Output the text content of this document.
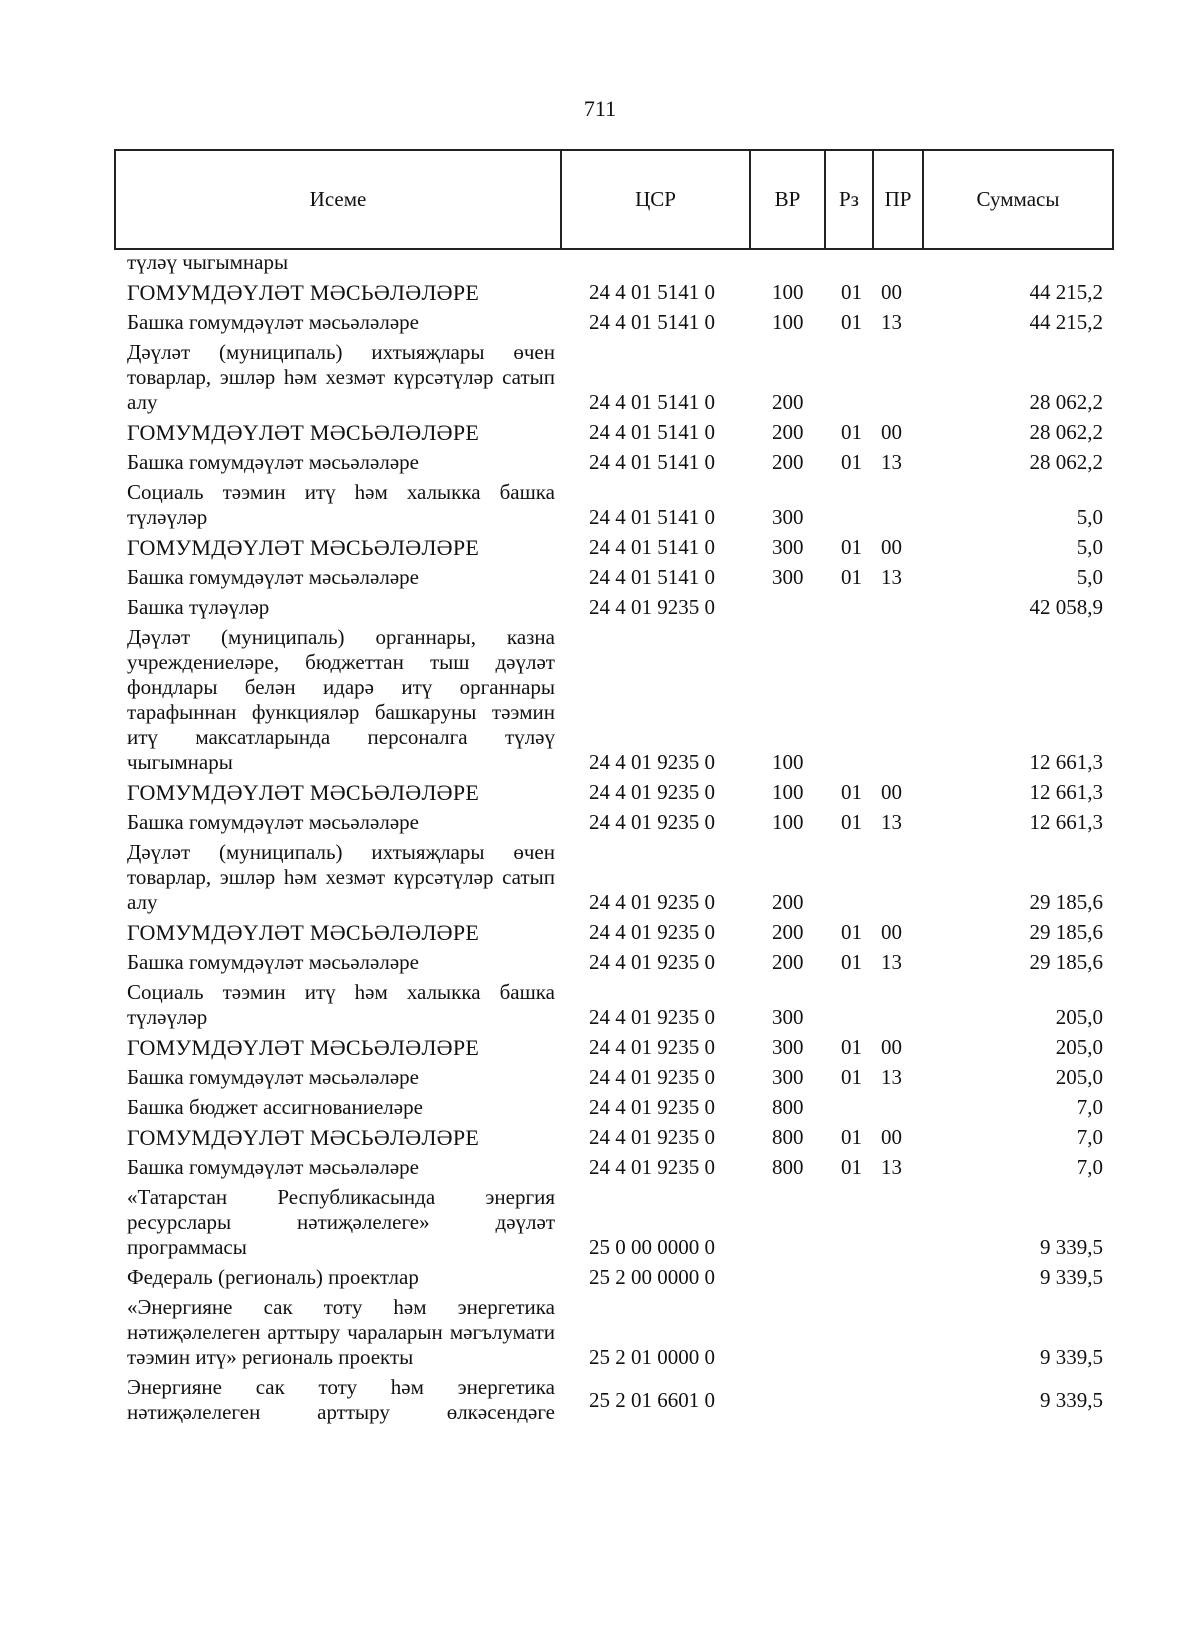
711
Исеме	ЦСР	ВР	Рз	ПР	Суммасы
түләү чыгымнары					
ГОМУМДӘҮЛӘТ МӘСЬӘЛӘЛӘРЕ	24 4 01 5141 0	100	01	00	44 215,2
Башка гомумдәүләт мәсьәләләре	24 4 01 5141 0	100	01	13	44 215,2
Дәүләт (муниципаль) ихтыяҗлары өчен товарлар, эшләр һәм хезмәт күрсәтүләр сатып алу	24 4 01 5141 0	200			28 062,2
ГОМУМДӘҮЛӘТ МӘСЬӘЛӘЛӘРЕ	24 4 01 5141 0	200	01	00	28 062,2
Башка гомумдәүләт мәсьәләләре	24 4 01 5141 0	200	01	13	28 062,2
Социаль тәэмин итү һәм халыкка башка түләүләр	24 4 01 5141 0	300			5,0
ГОМУМДӘҮЛӘТ МӘСЬӘЛӘЛӘРЕ	24 4 01 5141 0	300	01	00	5,0
Башка гомумдәүләт мәсьәләләре	24 4 01 5141 0	300	01	13	5,0
Башка түләүләр	24 4 01 9235 0				42 058,9
Дәүләт (муниципаль) органнары, казна учреждениеләре, бюджеттан тыш дәүләт фондлары белән идарә итү органнары тарафыннан функцияләр башкаруны тәэмин итү максатларында персоналга түләү чыгымнары	24 4 01 9235 0	100			12 661,3
ГОМУМДӘҮЛӘТ МӘСЬӘЛӘЛӘРЕ	24 4 01 9235 0	100	01	00	12 661,3
Башка гомумдәүләт мәсьәләләре	24 4 01 9235 0	100	01	13	12 661,3
Дәүләт (муниципаль) ихтыяҗлары өчен товарлар, эшләр һәм хезмәт күрсәтүләр сатып алу	24 4 01 9235 0	200			29 185,6
ГОМУМДӘҮЛӘТ МӘСЬӘЛӘЛӘРЕ	24 4 01 9235 0	200	01	00	29 185,6
Башка гомумдәүләт мәсьәләләре	24 4 01 9235 0	200	01	13	29 185,6
Социаль тәэмин итү һәм халыкка башка түләүләр	24 4 01 9235 0	300			205,0
ГОМУМДӘҮЛӘТ МӘСЬӘЛӘЛӘРЕ	24 4 01 9235 0	300	01	00	205,0
Башка гомумдәүләт мәсьәләләре	24 4 01 9235 0	300	01	13	205,0
Башка бюджет ассигнованиеләре	24 4 01 9235 0	800			7,0
ГОМУМДӘҮЛӘТ МӘСЬӘЛӘЛӘРЕ	24 4 01 9235 0	800	01	00	7,0
Башка гомумдәүләт мәсьәләләре	24 4 01 9235 0	800	01	13	7,0
«Татарстан Республикасында энергия ресурслары нәтиҗәлелеге» дәүләт программасы	25 0 00 0000 0				9 339,5
Федераль (региональ) проектлар	25 2 00 0000 0				9 339,5
«Энергияне сак тоту һәм энергетика нәтиҗәлелеген арттыру чараларын мәгълумати тәэмин итү» региональ проекты	25 2 01 0000 0				9 339,5
Энергияне сак тоту һәм энергетика нәтиҗәлелеген арттыру өлкәсендәге	25 2 01 6601 0				9 339,5
